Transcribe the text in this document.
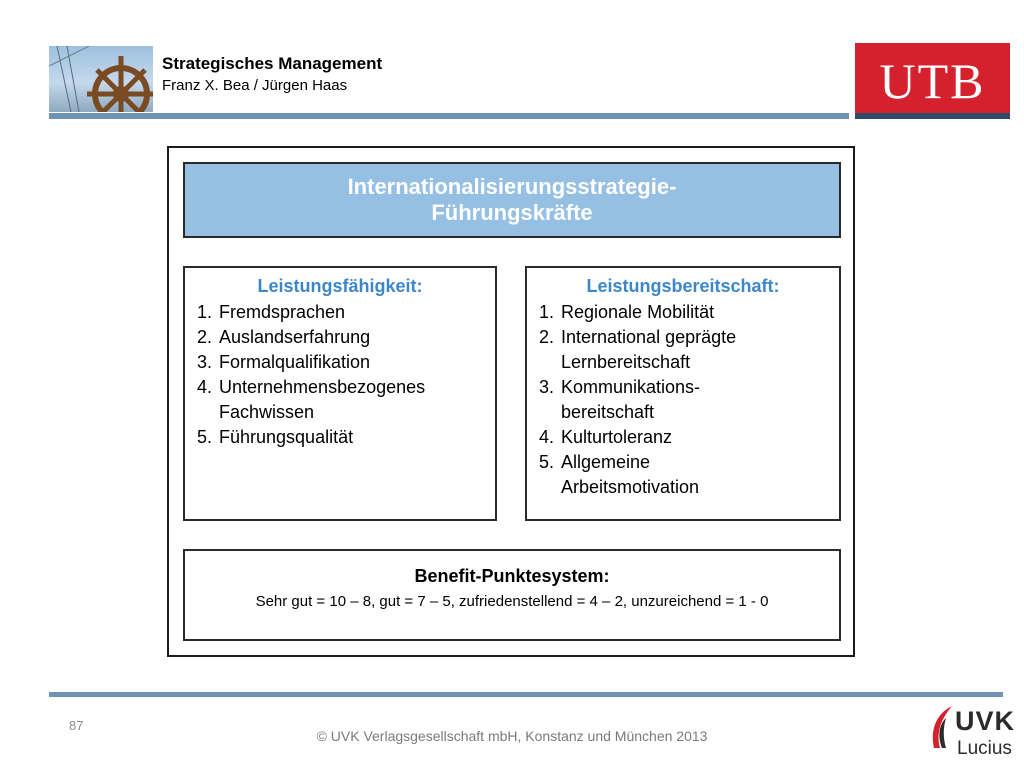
Strategisches Management
Franz X. Bea / Jürgen Haas	UTB
Internationalisierungsstrategie-
Führungskräfte
Leistungsfähigkeit:
1. Fremdsprachen
2. Auslandserfahrung
3. Formalqualifikation
4. Unternehmensbezogenes
Fachwissen
5. Führungsqualität
Leistungsbereitschaft:
1. Regionale Mobilität
2. International geprägte
Lernbereitschaft
3. Kommunikations-
bereitschaft
4. Kulturtoleranz
5. Allgemeine
Arbeitsmotivation
Benefit-Punktesystem:
Sehr gut = 10 – 8, gut = 7 – 5, zufriedenstellend = 4 – 2, unzureichend = 1 - 0
87
© UVK Verlagsgesellschaft mbH, Konstanz und München 2013	UVK
Lucius
